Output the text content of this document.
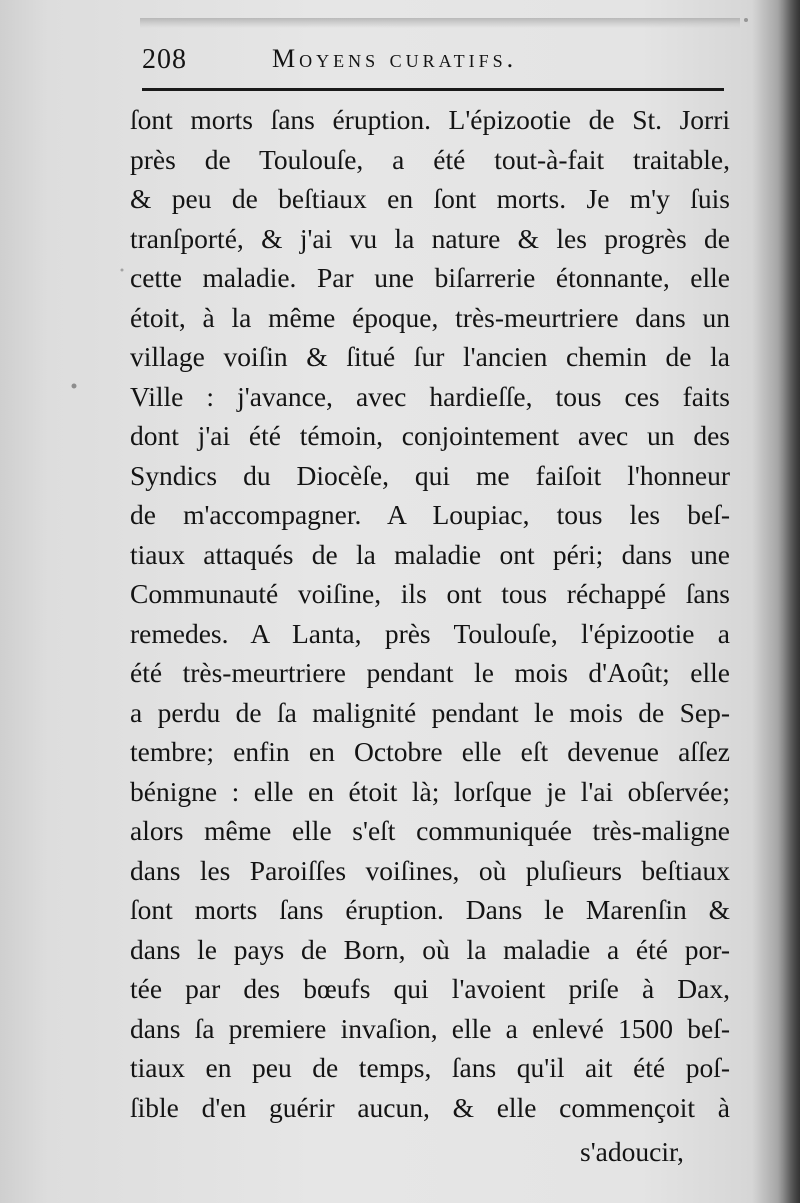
208	Moyens curatifs.
ſont morts ſans éruption. L'épizootie de St. Jorri
près de Toulouſe, a été tout-à-fait traitable,
& peu de beſtiaux en ſont morts. Je m'y ſuis
tranſporté, & j'ai vu la nature & les progrès de
cette maladie. Par une biſarrerie étonnante, elle
étoit, à la même époque, très-meurtriere dans un
village voiſin & ſitué ſur l'ancien chemin de la
Ville : j'avance, avec hardieſſe, tous ces faits
dont j'ai été témoin, conjointement avec un des
Syndics du Diocèſe, qui me faiſoit l'honneur
de m'accompagner. A Loupiac, tous les beſ-
tiaux attaqués de la maladie ont péri; dans une
Communauté voiſine, ils ont tous réchappé ſans
remedes. A Lanta, près Toulouſe, l'épizootie a
été très-meurtriere pendant le mois d'Août; elle
a perdu de ſa malignité pendant le mois de Sep-
tembre; enfin en Octobre elle eſt devenue aſſez
bénigne : elle en étoit là; lorſque je l'ai obſervée;
alors même elle s'eſt communiquée très-maligne
dans les Paroiſſes voiſines, où pluſieurs beſtiaux
ſont morts ſans éruption. Dans le Marenſin &
dans le pays de Born, où la maladie a été por-
tée par des bœufs qui l'avoient priſe à Dax,
dans ſa premiere invaſion, elle a enlevé 1500 beſ-
tiaux en peu de temps, ſans qu'il ait été poſ-
ſible d'en guérir aucun, & elle commençoit à
s'adoucir,
